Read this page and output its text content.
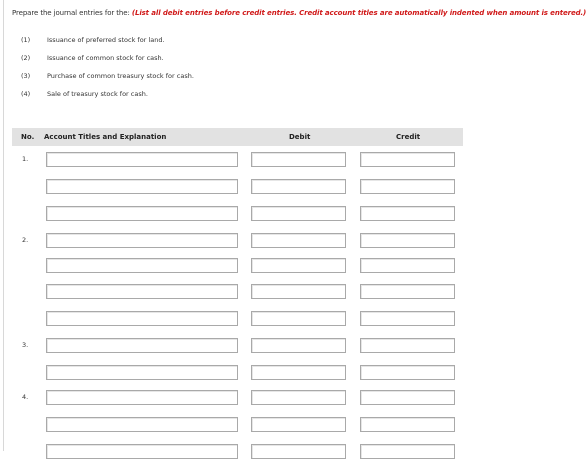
Prepare the journal entries for the: (List all debit entries before credit entries. Credit account titles are automatically indented when amount is entered.)
(1)	Issuance of preferred stock for land.
(2)	Issuance of common stock for cash.
(3)	Purchase of common treasury stock for cash.
(4)	Sale of treasury stock for cash.
No. Account Titles and Explanation	Debit	Credit
1.
2.
3.
4.
